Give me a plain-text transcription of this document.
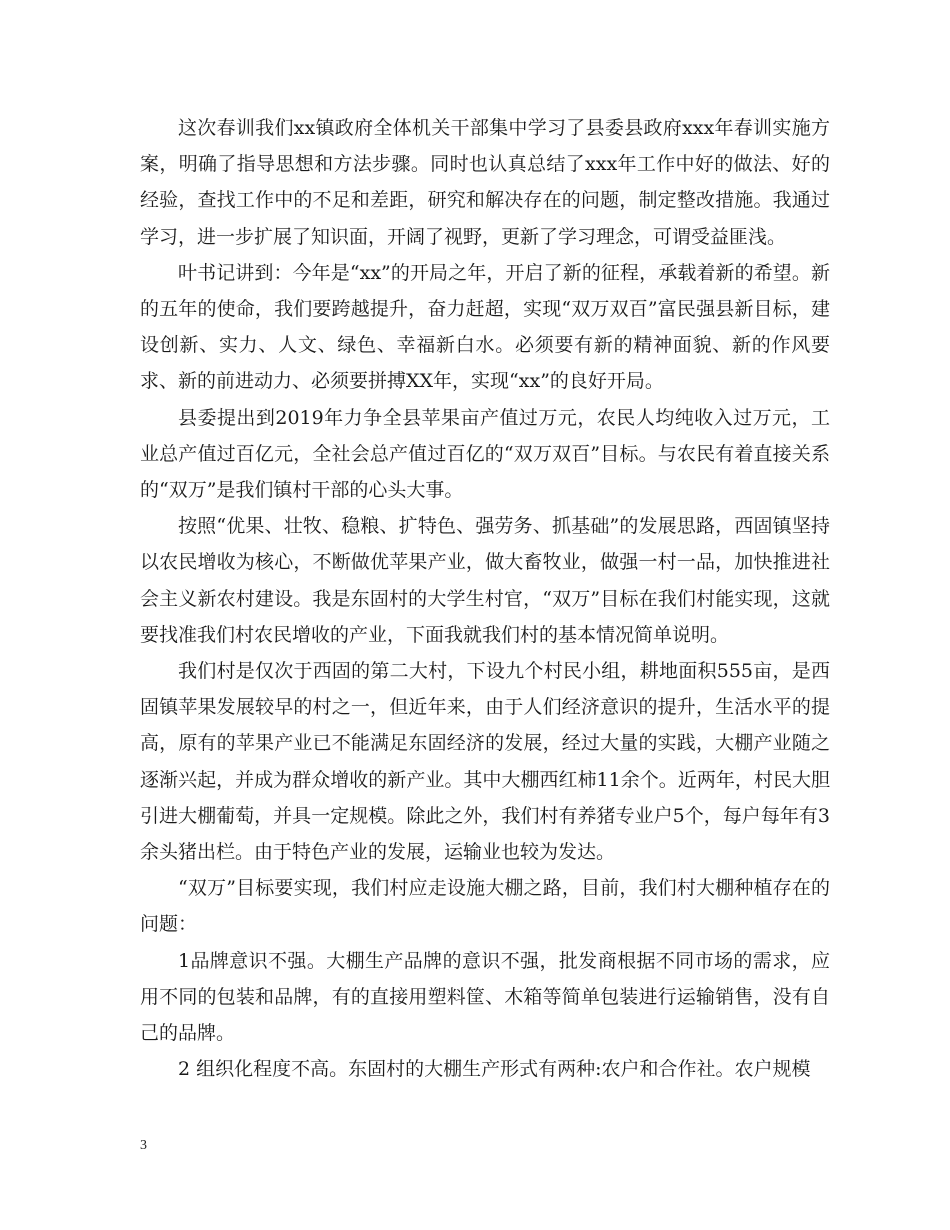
这次春训我们xx镇政府全体机关干部集中学习了县委县政府xxx年春训实施方案，明确了指导思想和方法步骤。同时也认真总结了xxx年工作中好的做法、好的经验，查找工作中的不足和差距，研究和解决存在的问题，制定整改措施。我通过学习，进一步扩展了知识面，开阔了视野，更新了学习理念，可谓受益匪浅。

叶书记讲到：今年是“xx”的开局之年，开启了新的征程，承载着新的希望。新的五年的使命，我们要跨越提升，奋力赶超，实现“双万双百”富民强县新目标，建设创新、实力、人文、绿色、幸福新白水。必须要有新的精神面貌、新的作风要求、新的前进动力、必须要拼搏XX年，实现“xx”的良好开局。

县委提出到2019年力争全县苹果亩产值过万元，农民人均纯收入过万元，工业总产值过百亿元，全社会总产值过百亿的“双万双百”目标。与农民有着直接关系的“双万”是我们镇村干部的心头大事。

按照“优果、壮牧、稳粮、扩特色、强劳务、抓基础”的发展思路，西固镇坚持以农民增收为核心，不断做优苹果产业，做大畜牧业，做强一村一品，加快推进社会主义新农村建设。我是东固村的大学生村官，“双万”目标在我们村能实现，这就要找准我们村农民增收的产业，下面我就我们村的基本情况简单说明。

我们村是仅次于西固的第二大村，下设九个村民小组，耕地面积555亩，是西固镇苹果发展较早的村之一，但近年来，由于人们经济意识的提升，生活水平的提高，原有的苹果产业已不能满足东固经济的发展，经过大量的实践，大棚产业随之逐渐兴起，并成为群众增收的新产业。其中大棚西红柿11余个。近两年，村民大胆引进大棚葡萄，并具一定规模。除此之外，我们村有养猪专业户5个，每户每年有3余头猪出栏。由于特色产业的发展，运输业也较为发达。

“双万”目标要实现，我们村应走设施大棚之路，目前，我们村大棚种植存在的问题：

1品牌意识不强。大棚生产品牌的意识不强，批发商根据不同市场的需求，应用不同的包装和品牌，有的直接用塑料筐、木箱等简单包装进行运输销售，没有自己的品牌。

2 组织化程度不高。东固村的大棚生产形式有两种:农户和合作社。农户规模

3
